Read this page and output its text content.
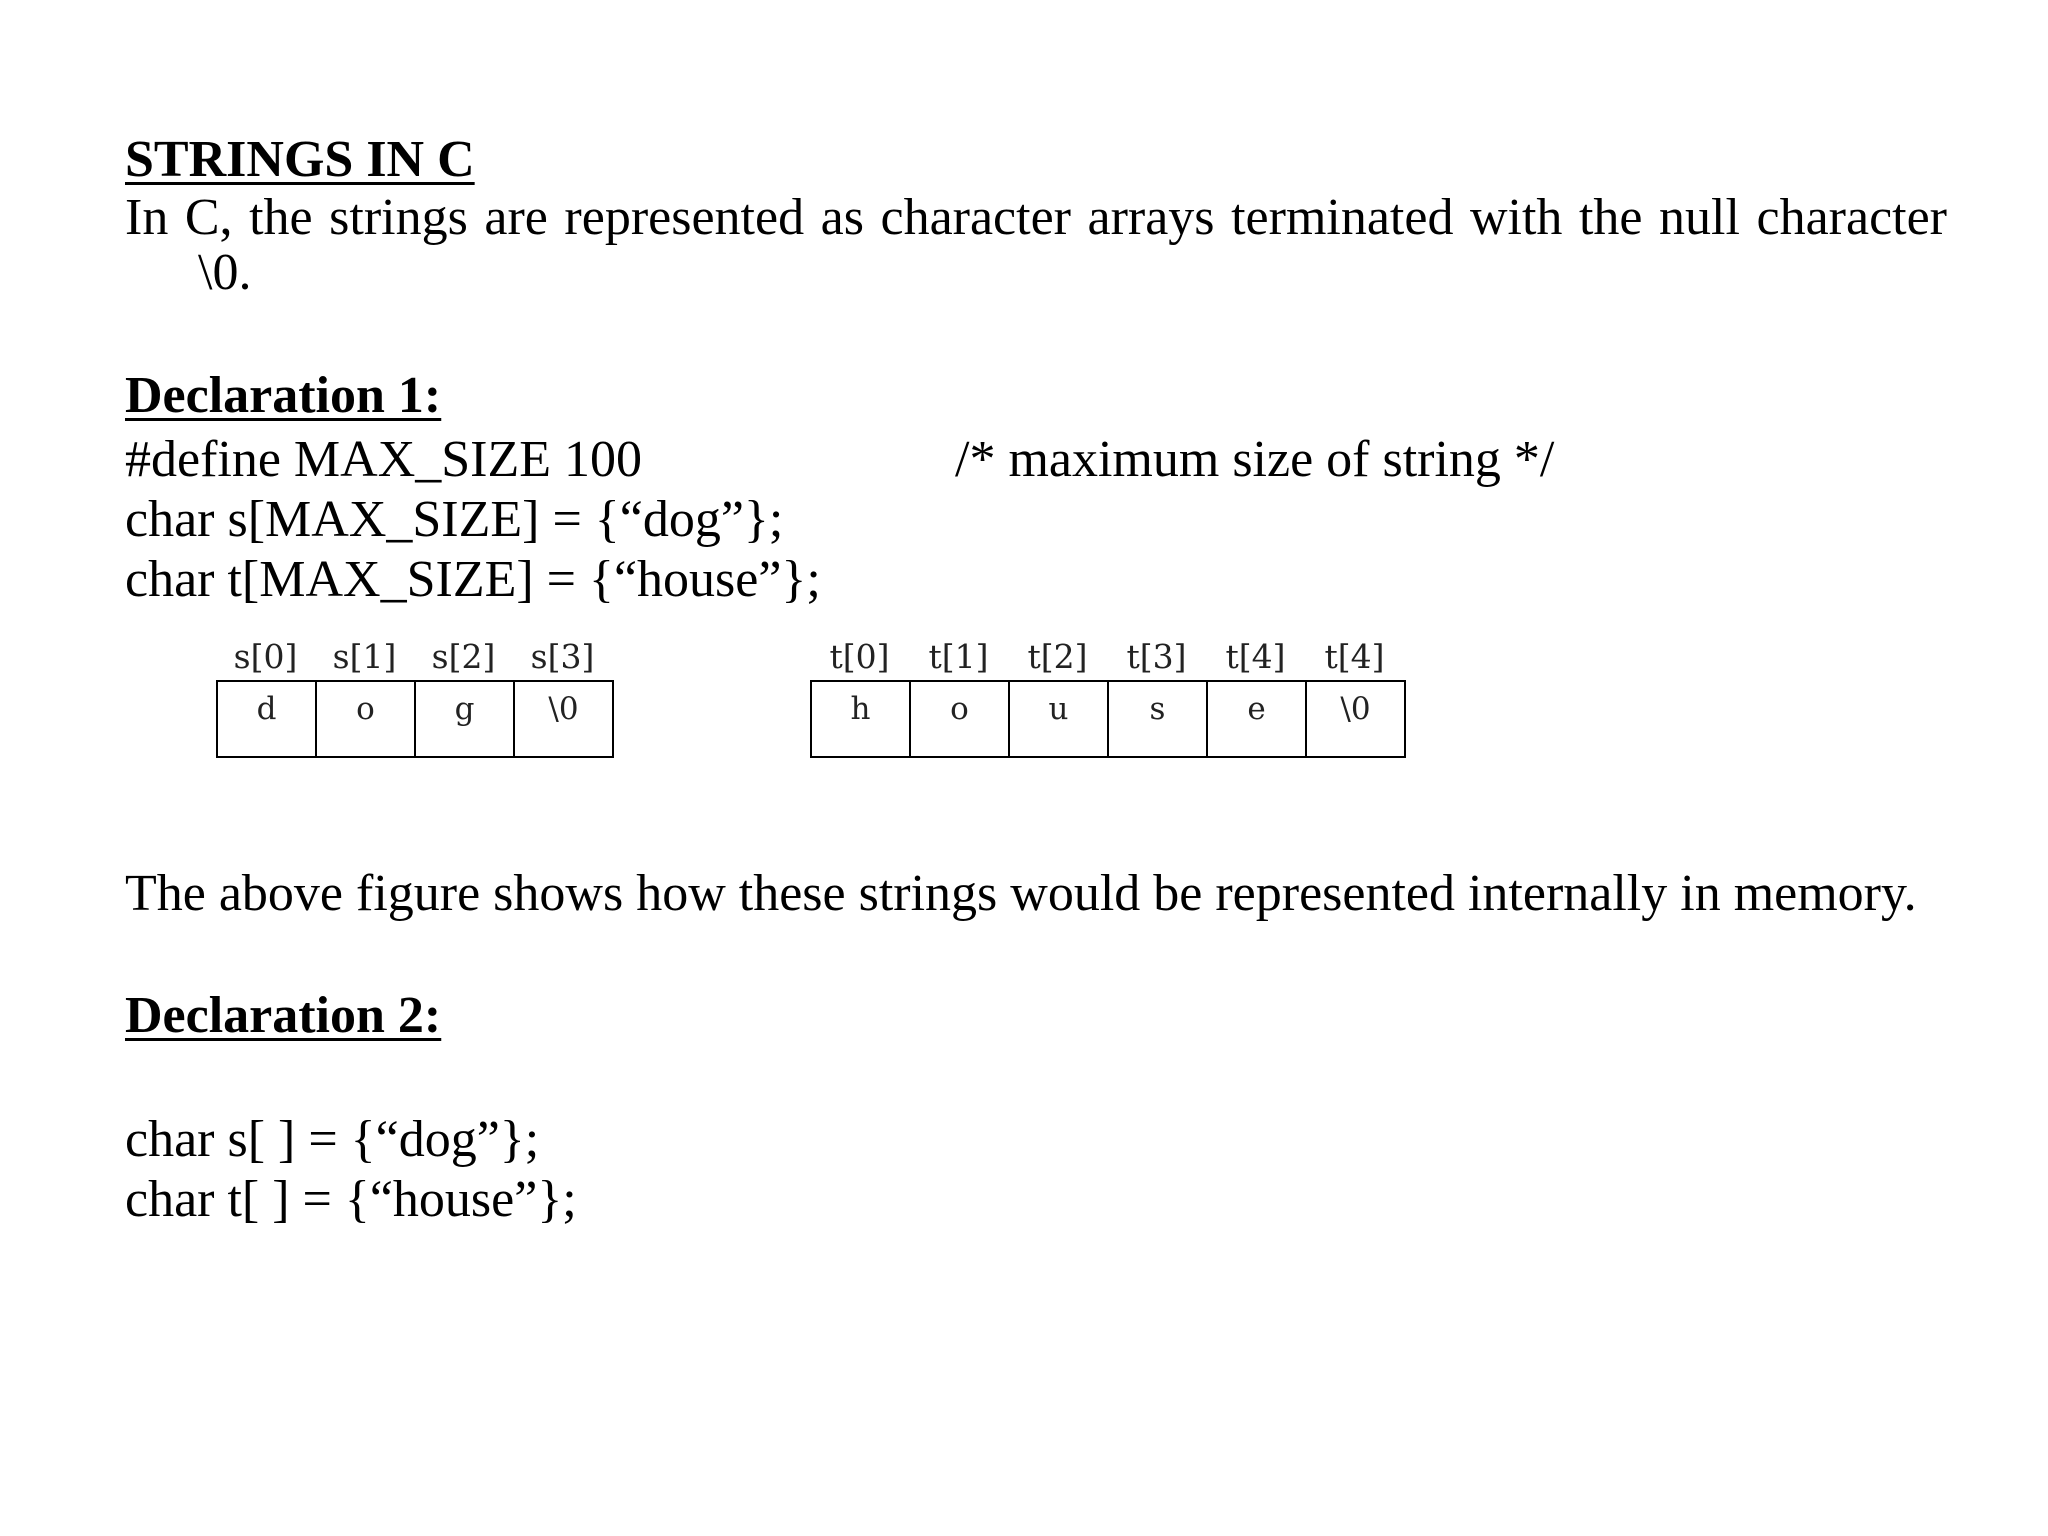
STRINGS IN C
In C, the strings are represented as character arrays terminated with the null character
\0.
Declaration 1:
#define MAX_SIZE 100	/* maximum size of string */
char s[MAX_SIZE] = {“dog”};
char t[MAX_SIZE] = {“house”};
s[0]	s[1]	s[2]	s[3]
d	o	g	\0
t[0]	t[1]	t[2]	t[3]	t[4]	t[4]
h	o	u	s	e	\0
The above figure shows how these strings would be represented internally in memory.
Declaration 2:
char s[ ] = {“dog”};
char t[ ] = {“house”};
